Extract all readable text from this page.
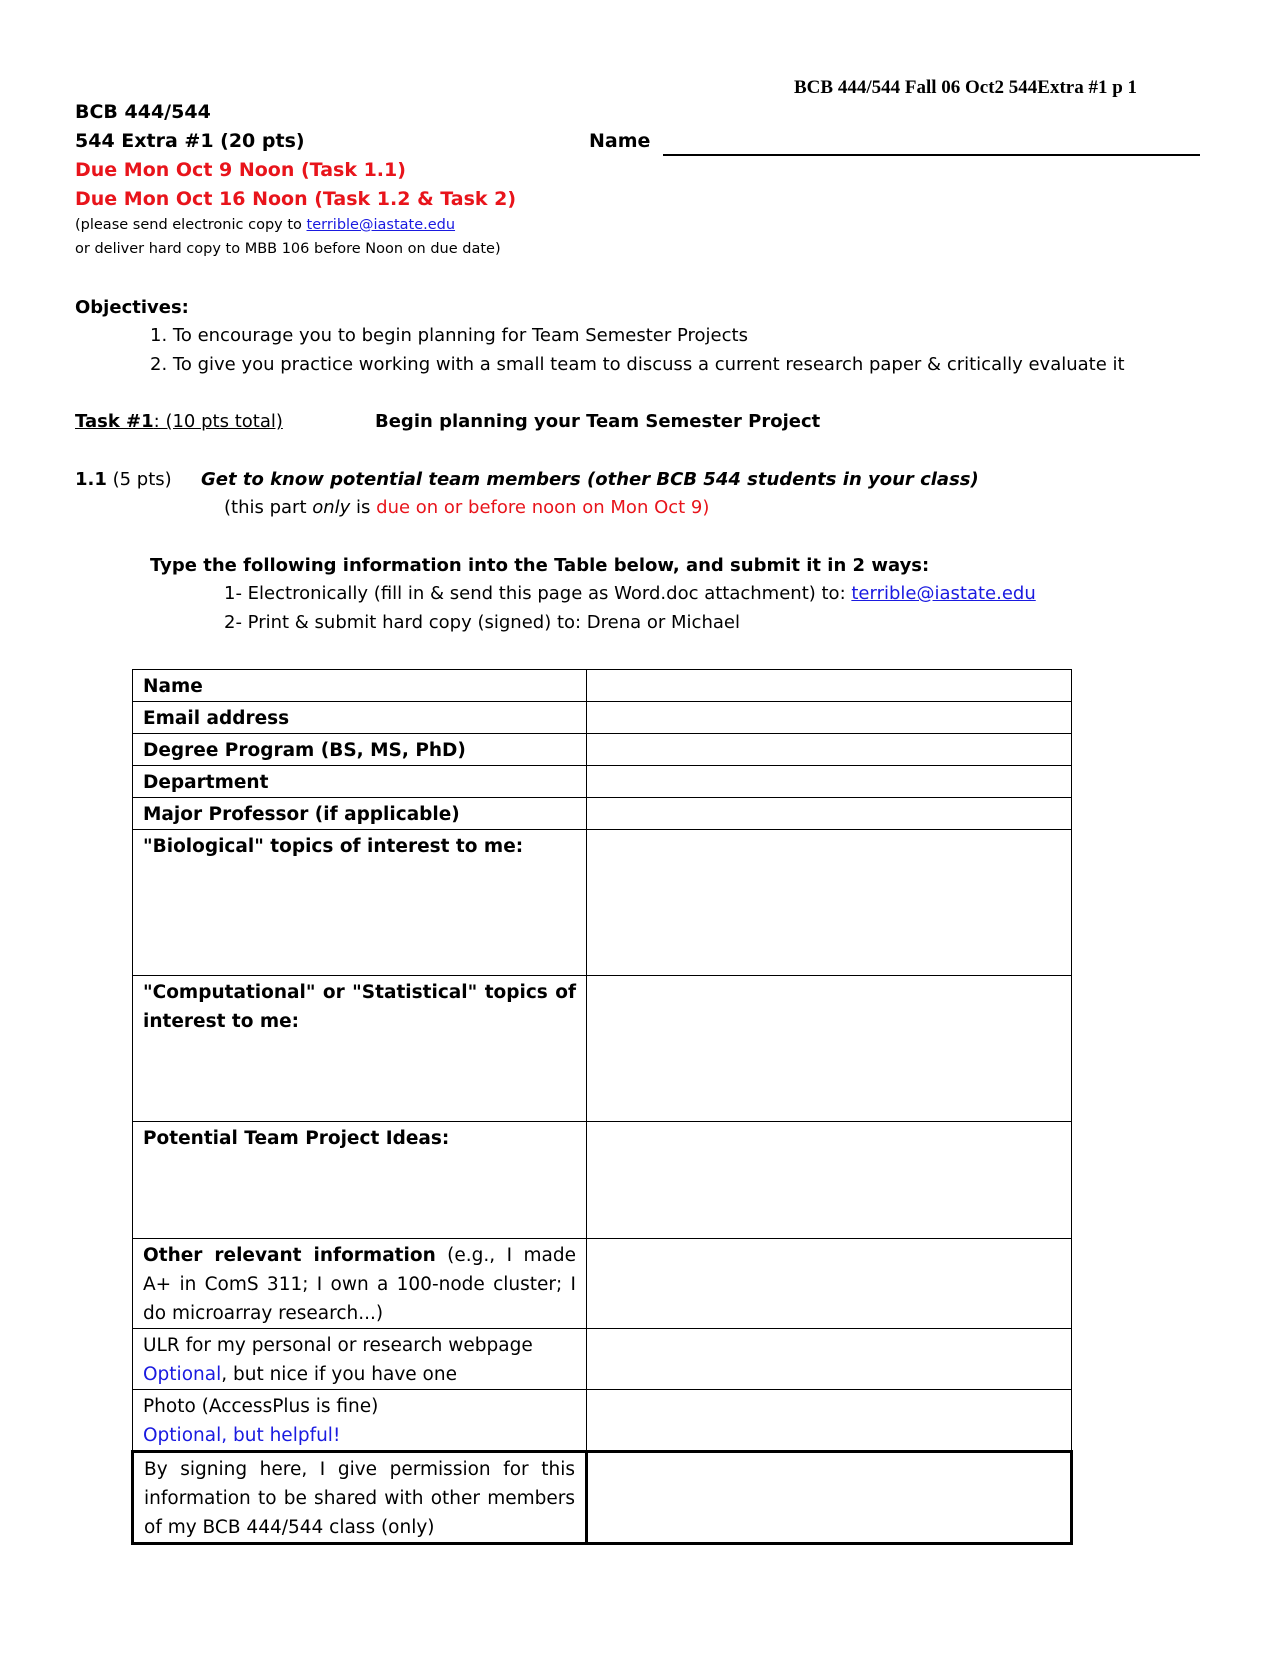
BCB 444/544 Fall 06 Oct2 544Extra #1 p 1
BCB 444/544
544 Extra #1 (20 pts)	Name
Due Mon Oct 9 Noon (Task 1.1)
Due Mon Oct 16 Noon (Task 1.2 & Task 2)
(please send electronic copy to terrible@iastate.edu
or deliver hard copy to MBB 106 before Noon on due date)
Objectives:
1. To encourage you to begin planning for Team Semester Projects
2. To give you practice working with a small team to discuss a current research paper & critically evaluate it
Task #1: (10 pts total)	Begin planning your Team Semester Project
1.1 (5 pts) Get to know potential team members (other BCB 544 students in your class)
(this part only is due on or before noon on Mon Oct 9)
Type the following information into the Table below, and submit it in 2 ways:
1- Electronically (fill in & send this page as Word.doc attachment) to: terrible@iastate.edu
2- Print & submit hard copy (signed) to: Drena or Michael
Name	
Email address	
Degree Program (BS, MS, PhD)	
Department	
Major Professor (if applicable)	
"Biological" topics of interest to me:	
"Computational" or "Statistical" topics of interest to me:	
Potential Team Project Ideas:	
Other relevant information (e.g., I made A+ in ComS 311; I own a 100-node cluster; I do microarray research...)	
ULR for my personal or research webpage
Optional, but nice if you have one	
Photo (AccessPlus is fine)
Optional, but helpful!	
By signing here, I give permission for this information to be shared with other members of my BCB 444/544 class (only)	
